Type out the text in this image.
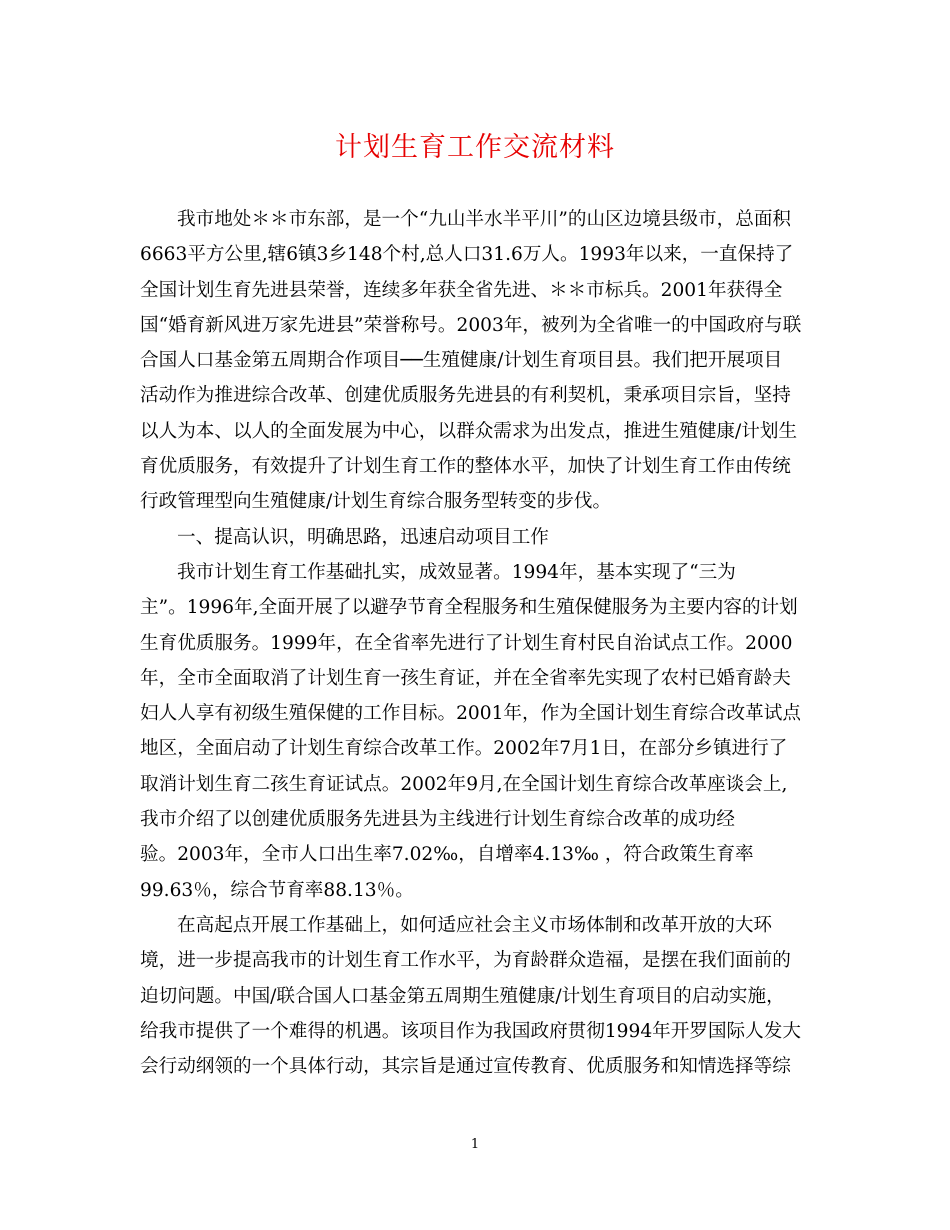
计划生育工作交流材料
我市地处＊＊市东部，是一个“九山半水半平川”的山区边境县级市，总面积
6663平方公里,辖6镇3乡148个村,总人口31.6万人。1993年以来，一直保持了
全国计划生育先进县荣誉，连续多年获全省先进、＊＊市标兵。2001年获得全
国“婚育新风进万家先进县”荣誉称号。2003年，被列为全省唯一的中国政府与联
合国人口基金第五周期合作项目──生殖健康/计划生育项目县。我们把开展项目
活动作为推进综合改革、创建优质服务先进县的有利契机，秉承项目宗旨，坚持
以人为本、以人的全面发展为中心，以群众需求为出发点，推进生殖健康/计划生
育优质服务，有效提升了计划生育工作的整体水平，加快了计划生育工作由传统
行政管理型向生殖健康/计划生育综合服务型转变的步伐。
一、提高认识，明确思路，迅速启动项目工作
我市计划生育工作基础扎实，成效显著。1994年，基本实现了“三为
主”。1996年,全面开展了以避孕节育全程服务和生殖保健服务为主要内容的计划
生育优质服务。1999年，在全省率先进行了计划生育村民自治试点工作。2000
年，全市全面取消了计划生育一孩生育证，并在全省率先实现了农村已婚育龄夫
妇人人享有初级生殖保健的工作目标。2001年，作为全国计划生育综合改革试点
地区，全面启动了计划生育综合改革工作。2002年7月1日，在部分乡镇进行了
取消计划生育二孩生育证试点。2002年9月,在全国计划生育综合改革座谈会上,
我市介绍了以创建优质服务先进县为主线进行计划生育综合改革的成功经
验。2003年，全市人口出生率7.02‰，自增率4.13‰ ，符合政策生育率
99.63％，综合节育率88.13％。
在高起点开展工作基础上，如何适应社会主义市场体制和改革开放的大环
境，进一步提高我市的计划生育工作水平，为育龄群众造福，是摆在我们面前的
迫切问题。中国/联合国人口基金第五周期生殖健康/计划生育项目的启动实施，
给我市提供了一个难得的机遇。该项目作为我国政府贯彻1994年开罗国际人发大
会行动纲领的一个具体行动，其宗旨是通过宣传教育、优质服务和知情选择等综
1
